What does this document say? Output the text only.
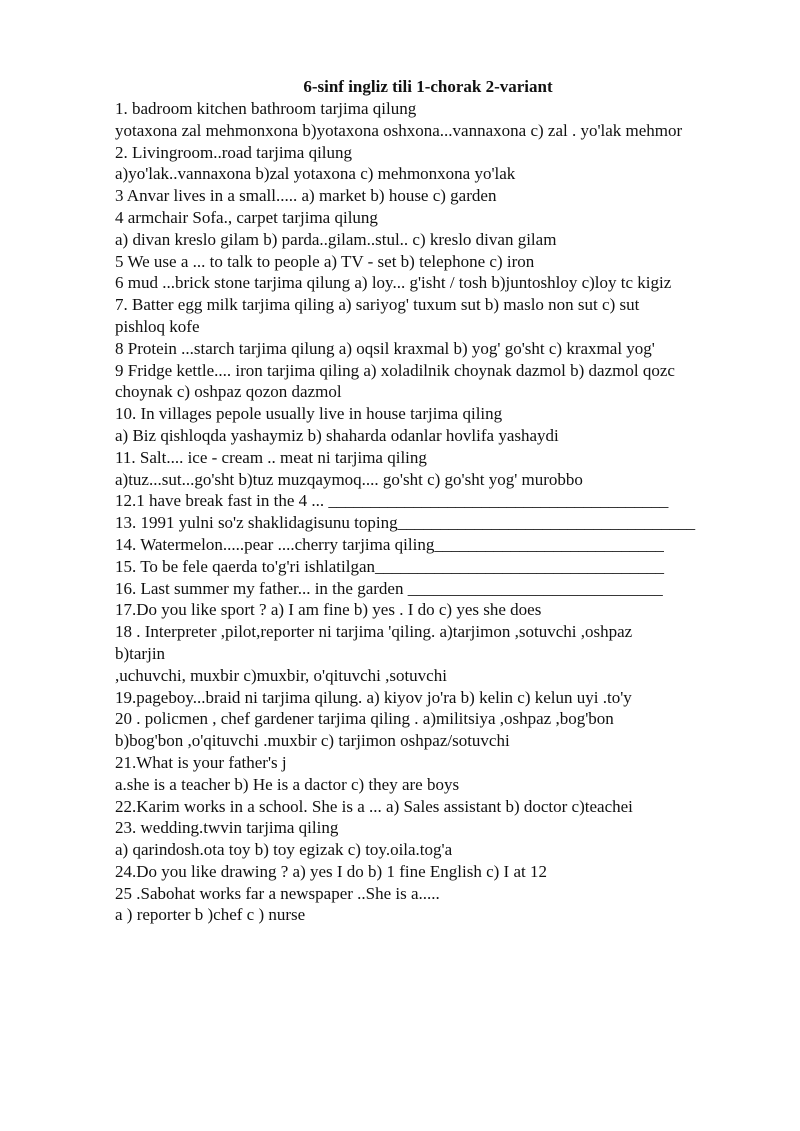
6-sinf ingliz tili 1-chorak 2-variant
1. badroom kitchen bathroom tarjima qilung
yotaxona zal mehmonxona b)yotaxona oshxona...vannaxona c) zal . yo'lak mehmor
2. Livingroom..road tarjima qilung
a)yo'lak..vannaxona b)zal yotaxona c) mehmonxona yo'lak
3 Anvar lives in a small..... a) market b) house c) garden
4 armchair Sofa., carpet tarjima qilung
a) divan kreslo gilam b) parda..gilam..stul.. c) kreslo divan gilam
5 We use a ... to talk to people a) TV - set b) telephone c) iron
6 mud ...brick stone tarjima qilung a) loy... g'isht / tosh b)juntoshloy c)loy tc kigiz
7. Batter egg milk tarjima qiling a) sariyog' tuxum sut b) maslo non sut c) sut
pishloq kofe
8 Protein ...starch tarjima qilung a) oqsil kraxmal b) yog' go'sht c) kraxmal yog'
9 Fridge kettle.... iron tarjima qiling a) xoladilnik choynak dazmol b) dazmol qozc
choynak c) oshpaz qozon dazmol
10. In villages pepole usually live in house tarjima qiling
a) Biz qishloqda yashaymiz b) shaharda odanlar hovlifa yashaydi
11. Salt.... ice - cream .. meat ni tarjima qiling
a)tuz...sut...go'sht b)tuz muzqaymoq.... go'sht c) go'sht yog' murobbo
12.1 have break fast in the 4 ... ________________________________________
13. 1991 yulni so'z shaklidagisunu toping___________________________________
14. Watermelon.....pear ....cherry tarjima qiling___________________________
15. To be fele qaerda to'g'ri ishlatilgan__________________________________
16. Last summer my father... in the garden ______________________________
17.Do you like sport ? a) I am fine b) yes . I do c) yes she does
18 . Interpreter ,pilot,reporter ni tarjima 'qiling. a)tarjimon ,sotuvchi ,oshpaz
b)tarjin
,uchuvchi, muxbir c)muxbir, o'qituvchi ,sotuvchi
19.pageboy...braid ni tarjima qilung. a) kiyov jo'ra b) kelin c) kelun uyi .to'y
20 . policmen , chef gardener tarjima qiling . a)militsiya ,oshpaz ,bog'bon
b)bog'bon ,o'qituvchi .muxbir c) tarjimon oshpaz/sotuvchi
21.What is your father's j
a.she is a teacher b) He is a dactor c) they are boys
22.Karim works in a school. She is a ... a) Sales assistant b) doctor c)teachei
23. wedding.twvin tarjima qiling
a) qarindosh.ota toy b) toy egizak c) toy.oila.tog'a
24.Do you like drawing ? a) yes I do b) 1 fine English c) I at 12
25 .Sabohat works far a newspaper ..She is a.....
a ) reporter b )chef c ) nurse
